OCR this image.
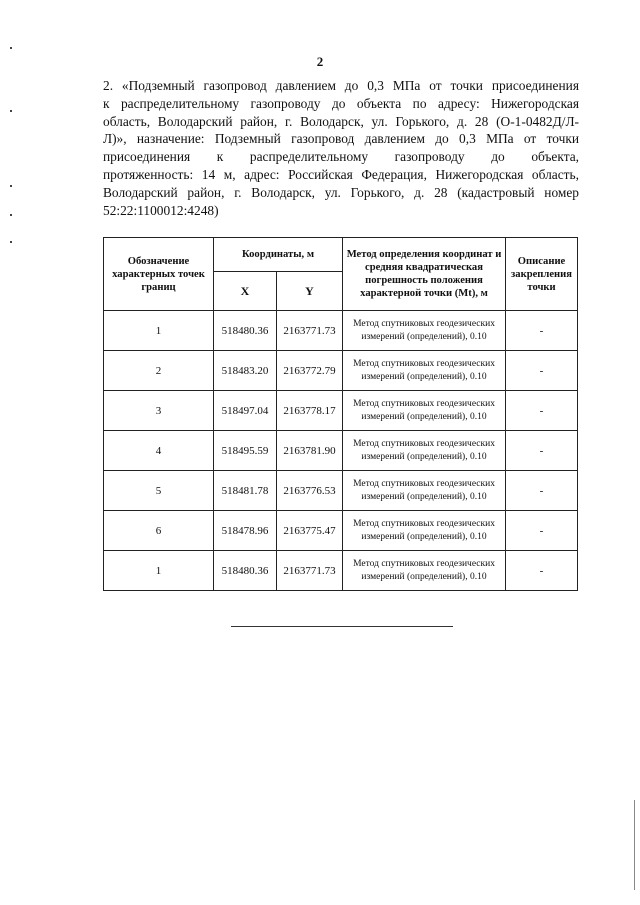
2
2. «Подземный газопровод давлением до 0,3 МПа от точки присоединения
к распределительному газопроводу до объекта по адресу: Нижегородская
область, Володарский район, г. Володарск, ул. Горького, д. 28 (О-1-0482Д/Л-
Л)», назначение: Подземный газопровод давлением до 0,3 МПа от точки
присоединения к распределительному газопроводу до объекта,
протяженность: 14 м, адрес: Российская Федерация, Нижегородская область,
Володарский район, г. Володарск, ул. Горького, д. 28 (кадастровый номер
52:22:1100012:4248)
Обозначение характерных точек границ	Координаты, м		Метод определения координат и средняя квадратическая погрешность положения характерной точки (Mt), м	Описание закрепления точки
	X	Y		
1	518480.36	2163771.73	Метод спутниковых геодезических измерений (определений), 0.10	-
2	518483.20	2163772.79	Метод спутниковых геодезических измерений (определений), 0.10	-
3	518497.04	2163778.17	Метод спутниковых геодезических измерений (определений), 0.10	-
4	518495.59	2163781.90	Метод спутниковых геодезических измерений (определений), 0.10	-
5	518481.78	2163776.53	Метод спутниковых геодезических измерений (определений), 0.10	-
6	518478.96	2163775.47	Метод спутниковых геодезических измерений (определений), 0.10	-
1	518480.36	2163771.73	Метод спутниковых геодезических измерений (определений), 0.10	-
